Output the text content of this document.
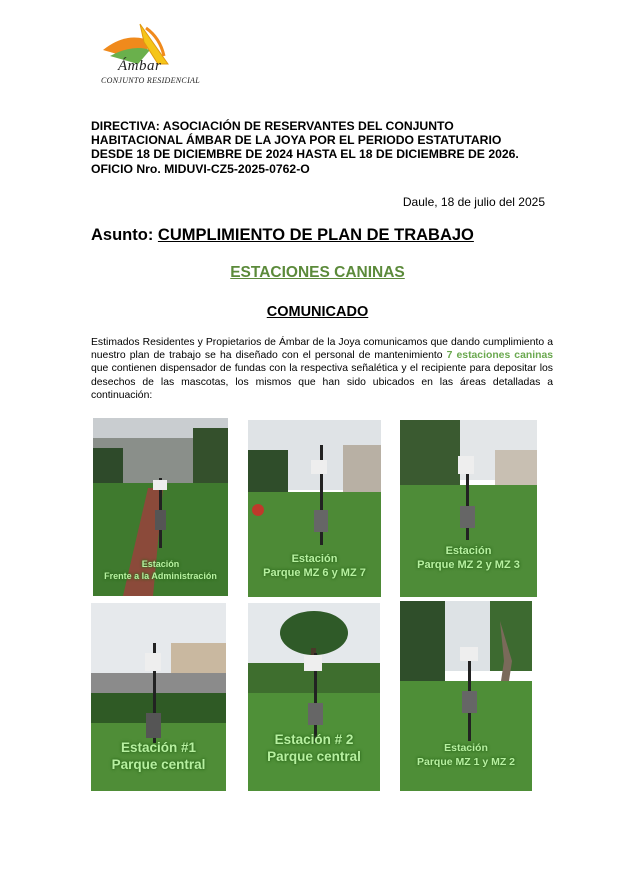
Ámbar
CONJUNTO RESIDENCIAL
DIRECTIVA: ASOCIACIÓN DE RESERVANTES DEL CONJUNTO
HABITACIONAL ÁMBAR DE LA JOYA POR EL PERIODO ESTATUTARIO
DESDE 18 DE DICIEMBRE DE 2024 HASTA EL 18 DE DICIEMBRE DE 2026.
OFICIO Nro. MIDUVI-CZ5-2025-0762-O
Daule, 18 de julio del 2025
Asunto: CUMPLIMIENTO DE PLAN DE TRABAJO
ESTACIONES CANINAS
COMUNICADO
Estimados Residentes y Propietarios de Ámbar de la Joya comunicamos que dando cumplimiento a nuestro plan de trabajo se ha diseñado con el personal de mantenimiento 7 estaciones caninas que contienen dispensador de fundas con la respectiva señalética y el recipiente para depositar los desechos de las mascotas, los mismos que han sido ubicados en las áreas detalladas a continuación:
Estación
Frente a la Administración
Estación
Parque MZ 6 y MZ 7
Estación
Parque MZ 2 y MZ 3
Estación #1
Parque central
Estación # 2
Parque central
Estación
Parque MZ 1 y MZ 2
